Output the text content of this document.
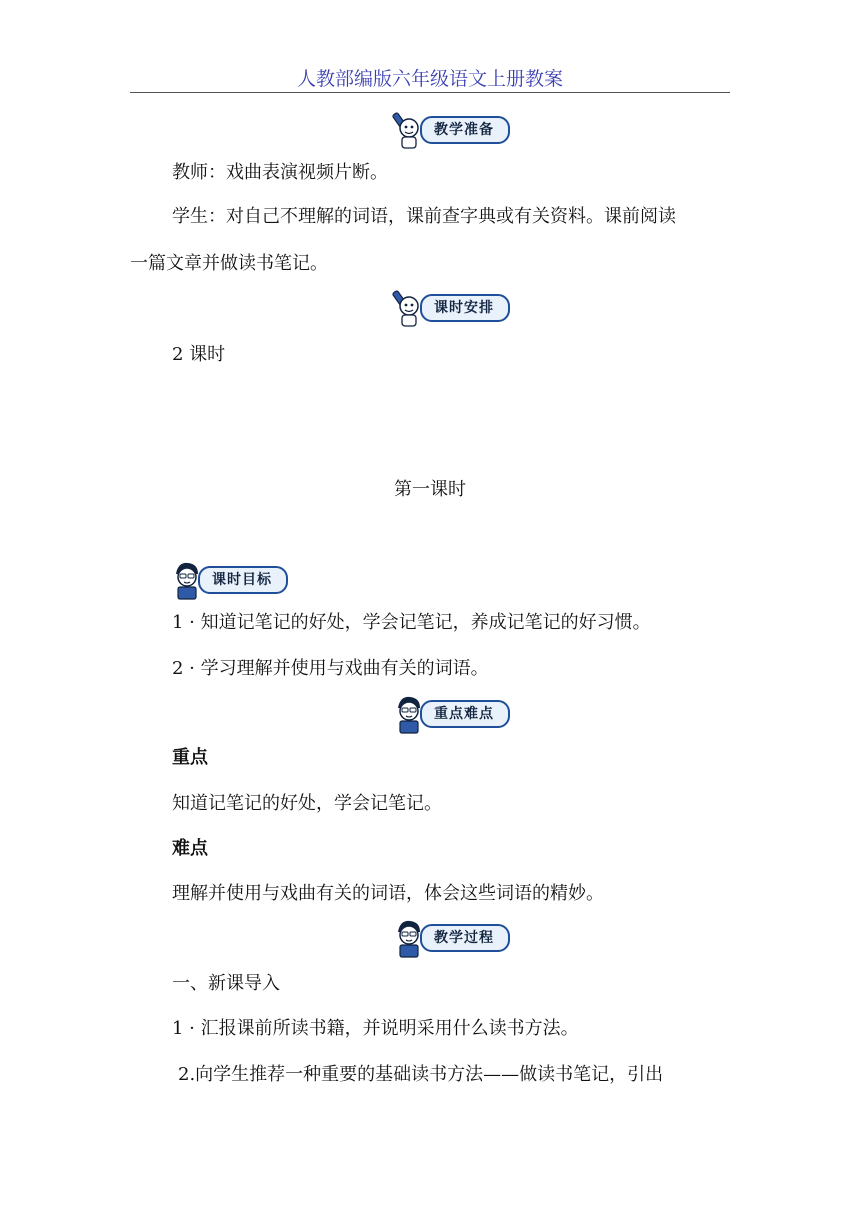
人教部编版六年级语文上册教案
教学准备
教师：戏曲表演视频片断。
学生：对自己不理解的词语，课前查字典或有关资料。课前阅读
一篇文章并做读书笔记。
课时安排
2 课时
第一课时
课时目标
1 · 知道记笔记的好处，学会记笔记，养成记笔记的好习惯。
2 · 学习理解并使用与戏曲有关的词语。
重点难点
重点
知道记笔记的好处，学会记笔记。
难点
理解并使用与戏曲有关的词语，体会这些词语的精妙。
教学过程
一、新课导入
1 · 汇报课前所读书籍，并说明采用什么读书方法。
2.向学生推荐一种重要的基础读书方法——做读书笔记，引出
